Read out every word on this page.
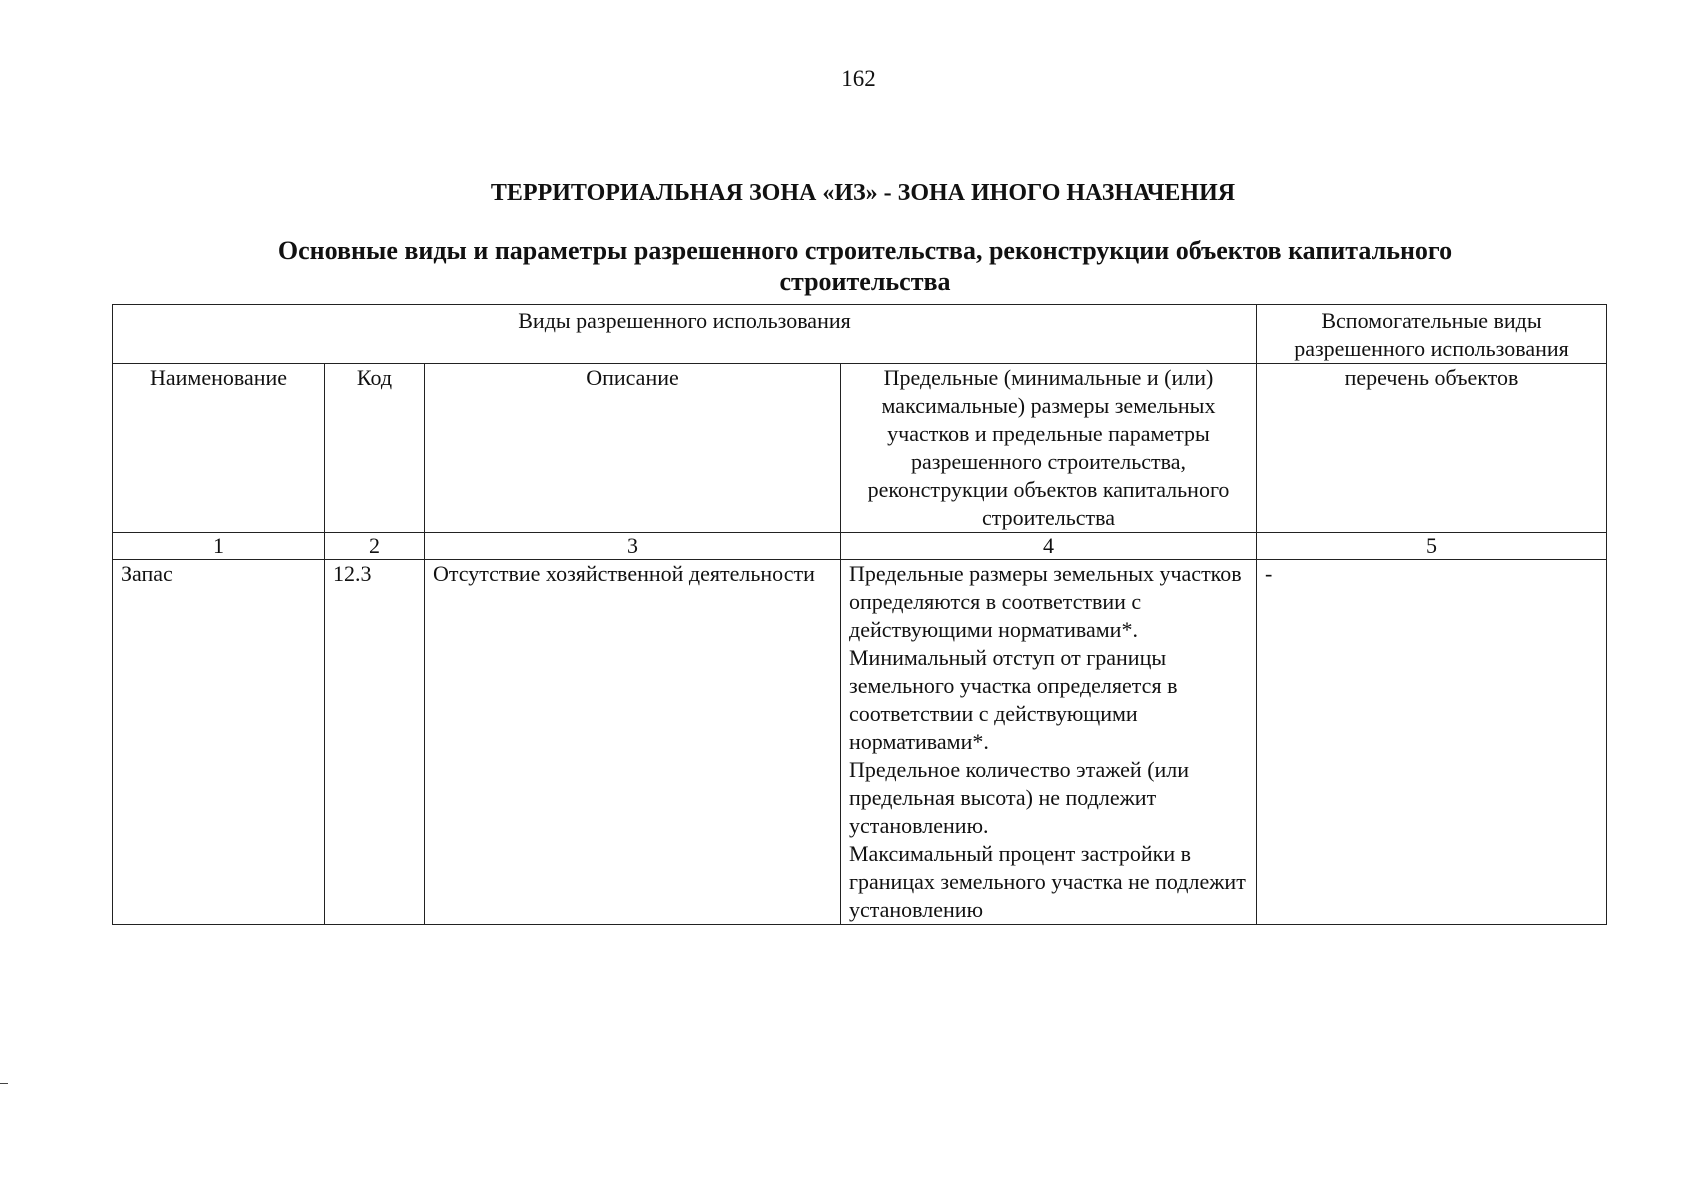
162
ТЕРРИТОРИАЛЬНАЯ ЗОНА «ИЗ» - ЗОНА ИНОГО НАЗНАЧЕНИЯ
Основные виды и параметры разрешенного строительства, реконструкции объектов капитального строительства
Виды разрешенного использования				Вспомогательные виды разрешенного использования
Наименование	Код	Описание	Предельные (минимальные и (или) максимальные) размеры земельных участков и предельные параметры разрешенного строительства, реконструкции объектов капитального строительства	перечень объектов
1	2	3	4	5
Запас	12.3	Отсутствие хозяйственной деятельности	Предельные размеры земельных участков определяются в соответствии с действующими нормативами*.
Минимальный отступ от границы земельного участка определяется в соответствии с действующими нормативами*.
Предельное количество этажей (или предельная высота) не подлежит установлению.
Максимальный процент застройки в границах земельного участка не подлежит установлению	-
